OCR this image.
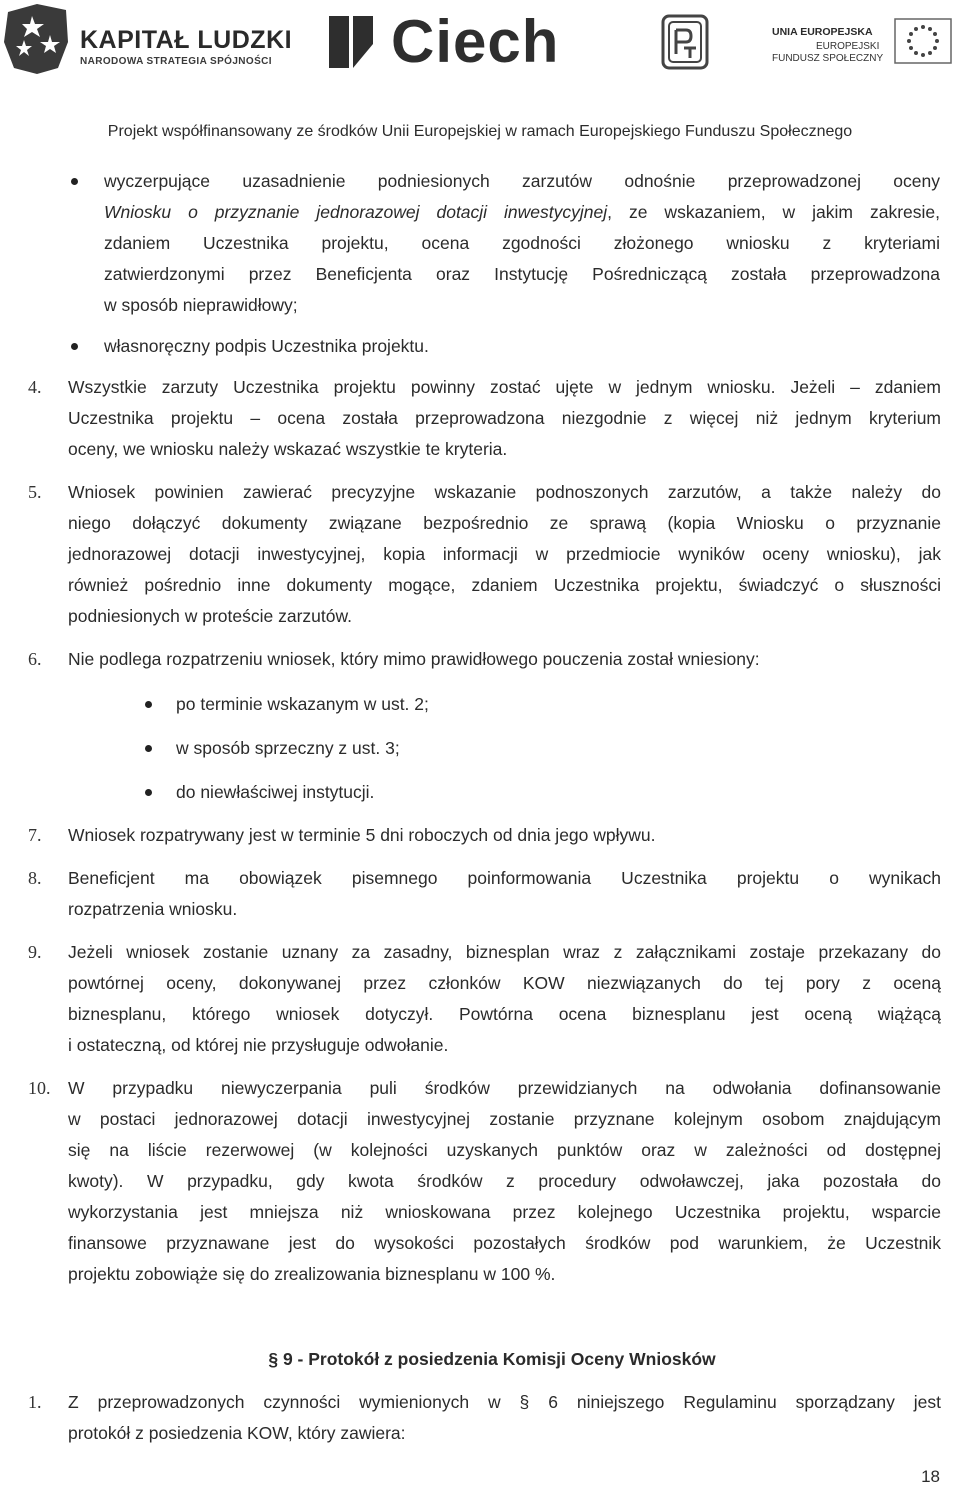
KAPITAŁ LUDZKI
NARODOWA STRATEGIA SPÓJNOŚCI Ciech	UNIA EUROPEJSKA
EUROPEJSKI
FUNDUSZ SPOŁECZNY
Projekt współfinansowany ze środków Unii Europejskiej w ramach Europejskiego Funduszu Społecznego
wyczerpujące uzasadnienie podniesionych zarzutów odnośnie przeprowadzonej oceny
Wniosku o przyznanie jednorazowej dotacji inwestycyjnej, ze wskazaniem, w jakim zakresie,
zdaniem Uczestnika projektu, ocena zgodności złożonego wniosku z kryteriami
zatwierdzonymi przez Beneficjenta oraz Instytucję Pośredniczącą została przeprowadzona
w sposób nieprawidłowy;
własnoręczny podpis Uczestnika projektu.
4.	Wszystkie zarzuty Uczestnika projektu powinny zostać ujęte w jednym wniosku. Jeżeli – zdaniem
Uczestnika projektu – ocena została przeprowadzona niezgodnie z więcej niż jednym kryterium
oceny, we wniosku należy wskazać wszystkie te kryteria.
5.	Wniosek powinien zawierać precyzyjne wskazanie podnoszonych zarzutów, a także należy do
niego dołączyć dokumenty związane bezpośrednio ze sprawą (kopia Wniosku o przyznanie
jednorazowej dotacji inwestycyjnej, kopia informacji w przedmiocie wyników oceny wniosku), jak
również pośrednio inne dokumenty mogące, zdaniem Uczestnika projektu, świadczyć o słuszności
podniesionych w proteście zarzutów.
6.	Nie podlega rozpatrzeniu wniosek, który mimo prawidłowego pouczenia został wniesiony:
po terminie wskazanym w ust. 2;
w sposób sprzeczny z ust. 3;
do niewłaściwej instytucji.
7.	Wniosek rozpatrywany jest w terminie 5 dni roboczych od dnia jego wpływu.
8.	Beneficjent ma obowiązek pisemnego poinformowania Uczestnika projektu o wynikach
rozpatrzenia wniosku.
9.	Jeżeli wniosek zostanie uznany za zasadny, biznesplan wraz z załącznikami zostaje przekazany do
powtórnej oceny, dokonywanej przez członków KOW niezwiązanych do tej pory z oceną
biznesplanu, którego wniosek dotyczył. Powtórna ocena biznesplanu jest oceną wiążącą
i ostateczną, od której nie przysługuje odwołanie.
10.	W przypadku niewyczerpania puli środków przewidzianych na odwołania dofinansowanie
w postaci jednorazowej dotacji inwestycyjnej zostanie przyznane kolejnym osobom znajdującym
się na liście rezerwowej (w kolejności uzyskanych punktów oraz w zależności od dostępnej
kwoty). W przypadku, gdy kwota środków z procedury odwoławczej, jaka pozostała do
wykorzystania jest mniejsza niż wnioskowana przez kolejnego Uczestnika projektu, wsparcie
finansowe przyznawane jest do wysokości pozostałych środków pod warunkiem, że Uczestnik
projektu zobowiąże się do zrealizowania biznesplanu w 100 %.
§ 9 - Protokół z posiedzenia Komisji Oceny Wniosków
1.	Z przeprowadzonych czynności wymienionych w § 6 niniejszego Regulaminu sporządzany jest
protokół z posiedzenia KOW, który zawiera:
18
